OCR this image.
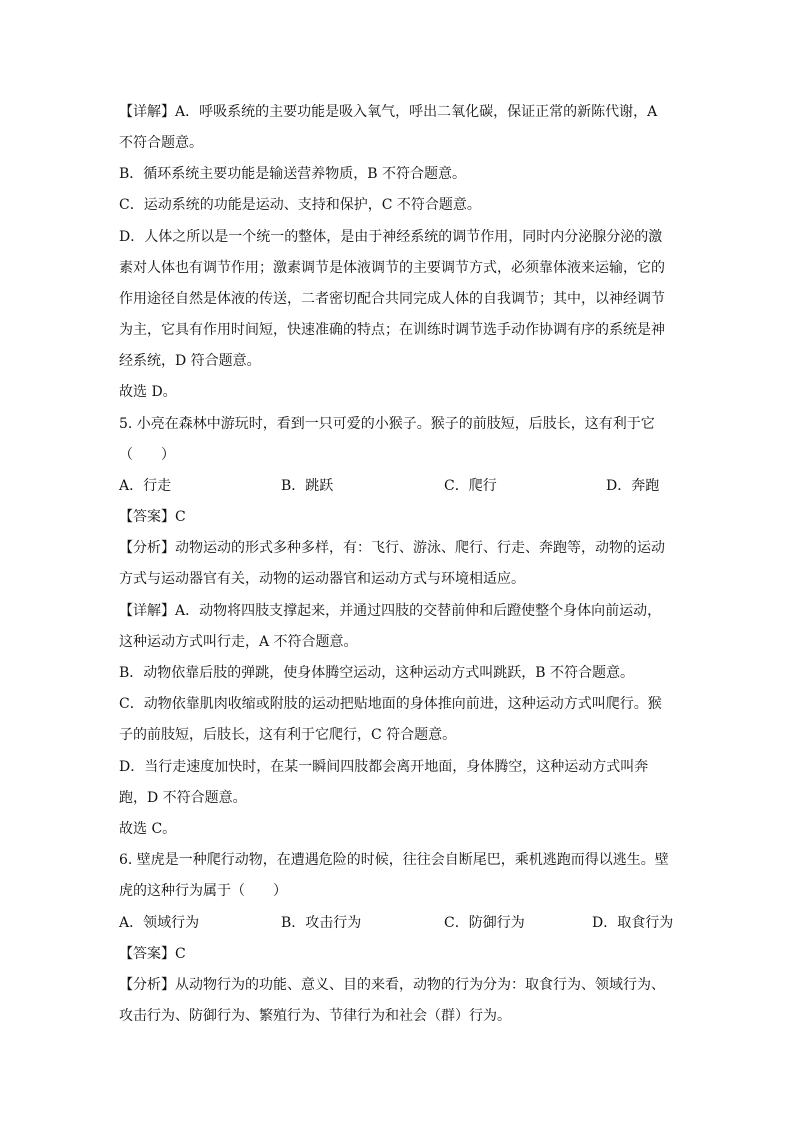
【详解】A．呼吸系统的主要功能是吸入氧气，呼出二氧化碳，保证正常的新陈代谢，A
不符合题意。
B．循环系统主要功能是输送营养物质，B 不符合题意。
C．运动系统的功能是运动、支持和保护，C 不符合题意。
D．人体之所以是一个统一的整体，是由于神经系统的调节作用，同时内分泌腺分泌的激
素对人体也有调节作用；激素调节是体液调节的主要调节方式，必须靠体液来运输，它的
作用途径自然是体液的传送，二者密切配合共同完成人体的自我调节；其中，以神经调节
为主，它具有作用时间短，快速准确的特点；在训练时调节选手动作协调有序的系统是神
经系统，D 符合题意。
故选 D。
5. 小亮在森林中游玩时，看到一只可爱的小猴子。猴子的前肢短，后肢长，这有利于它
（　　）
A．行走	B．跳跃	C．爬行	D．奔跑
【答案】C
【分析】动物运动的形式多种多样，有：飞行、游泳、爬行、行走、奔跑等，动物的运动
方式与运动器官有关，动物的运动器官和运动方式与环境相适应。
【详解】A．动物将四肢支撑起来，并通过四肢的交替前伸和后蹬使整个身体向前运动，
这种运动方式叫行走，A 不符合题意。
B．动物依靠后肢的弹跳，使身体腾空运动，这种运动方式叫跳跃，B 不符合题意。
C．动物依靠肌肉收缩或附肢的运动把贴地面的身体推向前进，这种运动方式叫爬行。猴
子的前肢短，后肢长，这有利于它爬行，C 符合题意。
D．当行走速度加快时，在某一瞬间四肢都会离开地面，身体腾空，这种运动方式叫奔
跑，D 不符合题意。
故选 C。
6. 壁虎是一种爬行动物，在遭遇危险的时候，往往会自断尾巴，乘机逃跑而得以逃生。壁
虎的这种行为属于（　　）
A．领域行为	B．攻击行为	C．防御行为	D．取食行为
【答案】C
【分析】从动物行为的功能、意义、目的来看，动物的行为分为：取食行为、领域行为、
攻击行为、防御行为、繁殖行为、节律行为和社会（群）行为。
